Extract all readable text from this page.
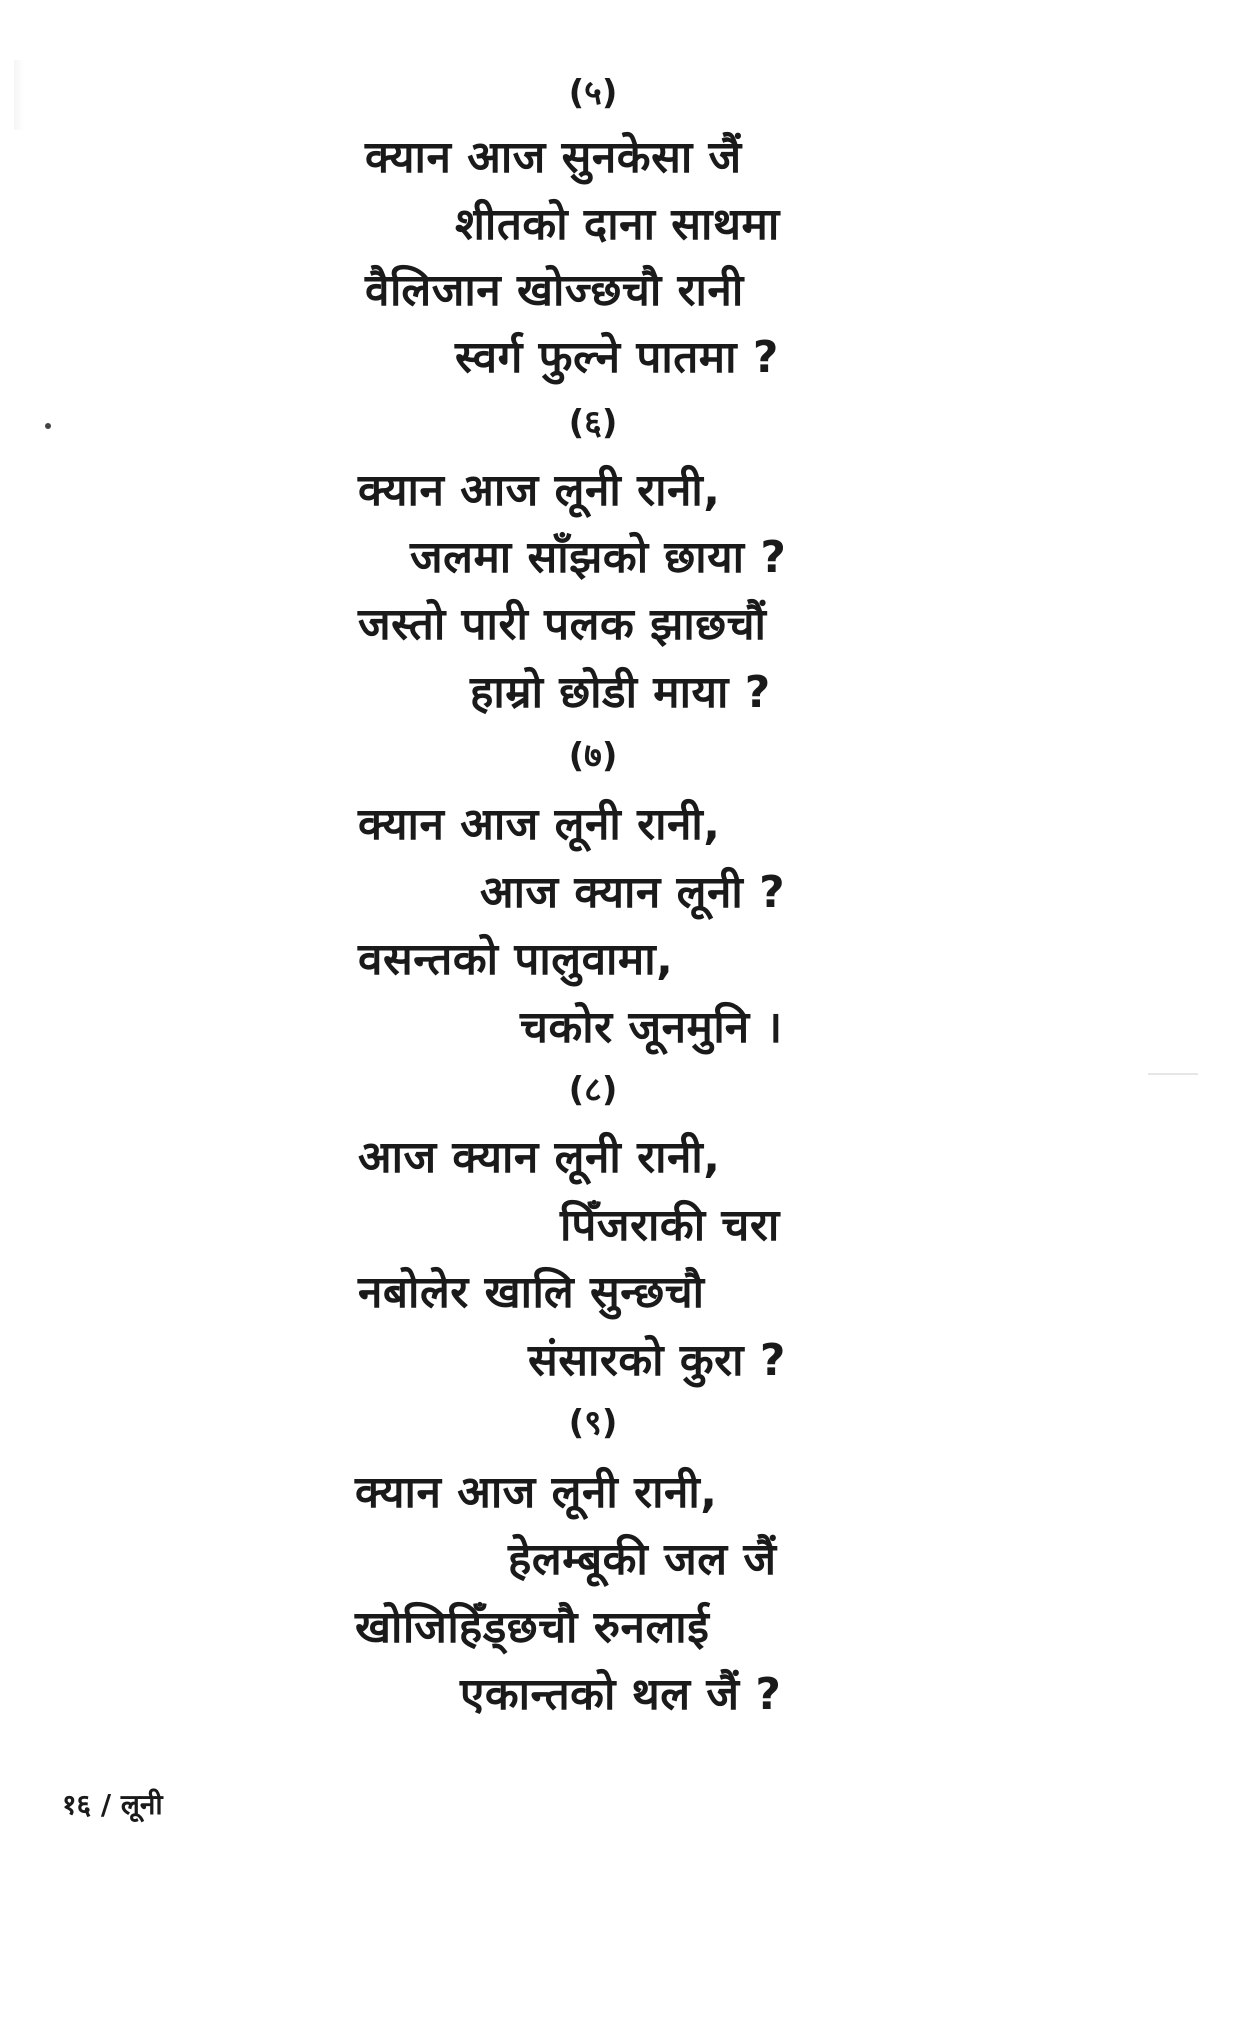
(५)
क्यान आज सुनकेसा जैं
शीतको दाना साथमा
वैलिजान खोज्छचौ रानी
स्वर्ग फुल्ने पातमा ?
(६)
क्यान आज लूनी रानी,
जलमा साँझको छाया ?
जस्तो पारी पलक झाछचौं
हाम्रो छोडी माया ?
(७)
क्यान आज लूनी रानी,
आज क्यान लूनी ?
वसन्तको पालुवामा,
चकोर जूनमुनि ।
(८)
आज क्यान लूनी रानी,
पिँजराकी चरा
नबोलेर खालि सुन्छचौ
संसारको कुरा ?
(९)
क्यान आज लूनी रानी,
हेलम्बूकी जल जैं
खोजिहिँड्छचौ रुनलाई
एकान्तको थल जैं ?
१६ / लूनी
